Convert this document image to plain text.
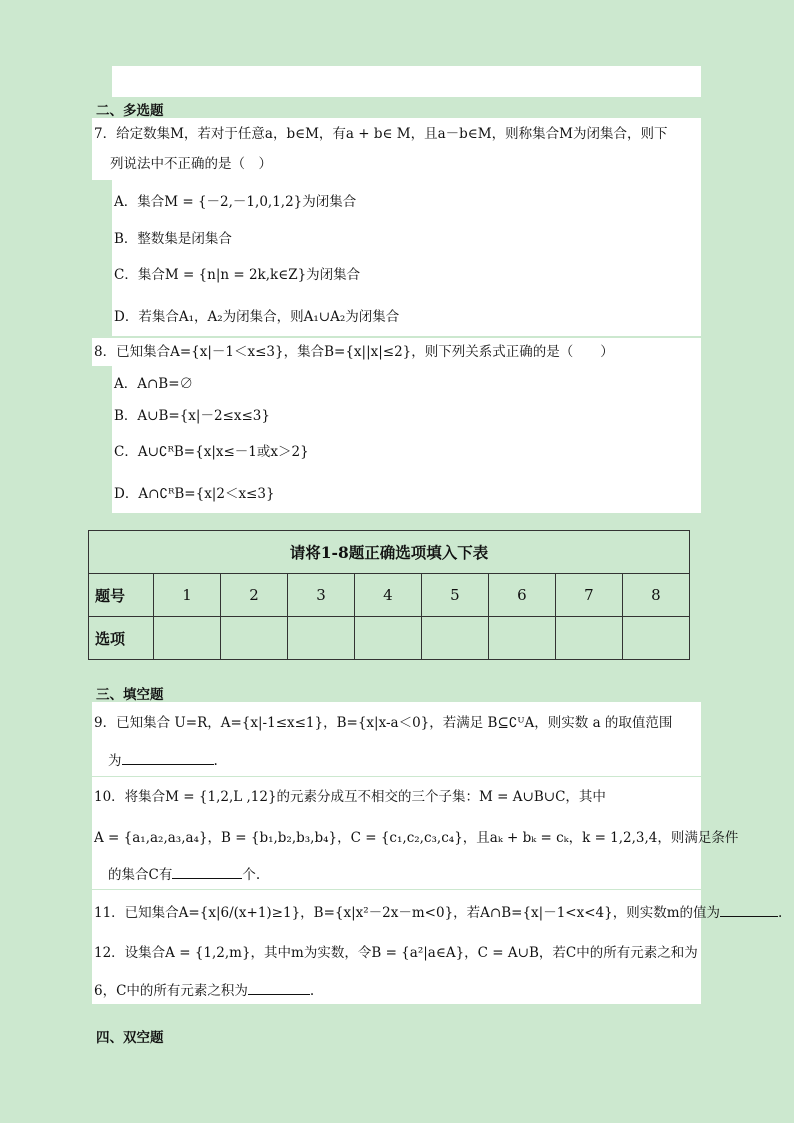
二、多选题
7．给定数集M，若对于任意a，b∈M，有a + b∈ M，且a－b∈M，则称集合M为闭集合，则下
列说法中不正确的是（　）
A．集合M = {－2,－1,0,1,2}为闭集合
B．整数集是闭集合
C．集合M = {n|n = 2k,k∈Z}为闭集合
D．若集合A₁，A₂为闭集合，则A₁∪A₂为闭集合
8．已知集合A={x|－1＜x≤3}，集合B={x||x|≤2}，则下列关系式正确的是（　　）
A．A∩B=∅
B．A∪B={x|－2≤x≤3}
C．A∪∁ᴿB={x|x≤－1或x＞2}
D．A∩∁ᴿB={x|2＜x≤3}
请将1-8题正确选项填入下表								
题号	1	2	3	4	5	6	7	8
选项								
三、填空题
9．已知集合 U=R，A={x|-1≤x≤1}，B={x|x-a＜0}，若满足 B⊆∁ᵁA，则实数 a 的取值范围
为	.
10．将集合M = {1,2,L ,12}的元素分成互不相交的三个子集：M = A∪B∪C，其中
A = {a₁,a₂,a₃,a₄}，B = {b₁,b₂,b₃,b₄}，C = {c₁,c₂,c₃,c₄}，且aₖ + bₖ = cₖ，k = 1,2,3,4，则满足条件
的集合C有	个.
11．已知集合A={x|6/(x+1)≥1}，B={x|x²－2x－m<0}，若A∩B={x|－1<x<4}，则实数m的值为	.
12．设集合A = {1,2,m}，其中m为实数，令B = {a²|a∈A}，C = A∪B，若C中的所有元素之和为
6，C中的所有元素之积为	.
四、双空题
